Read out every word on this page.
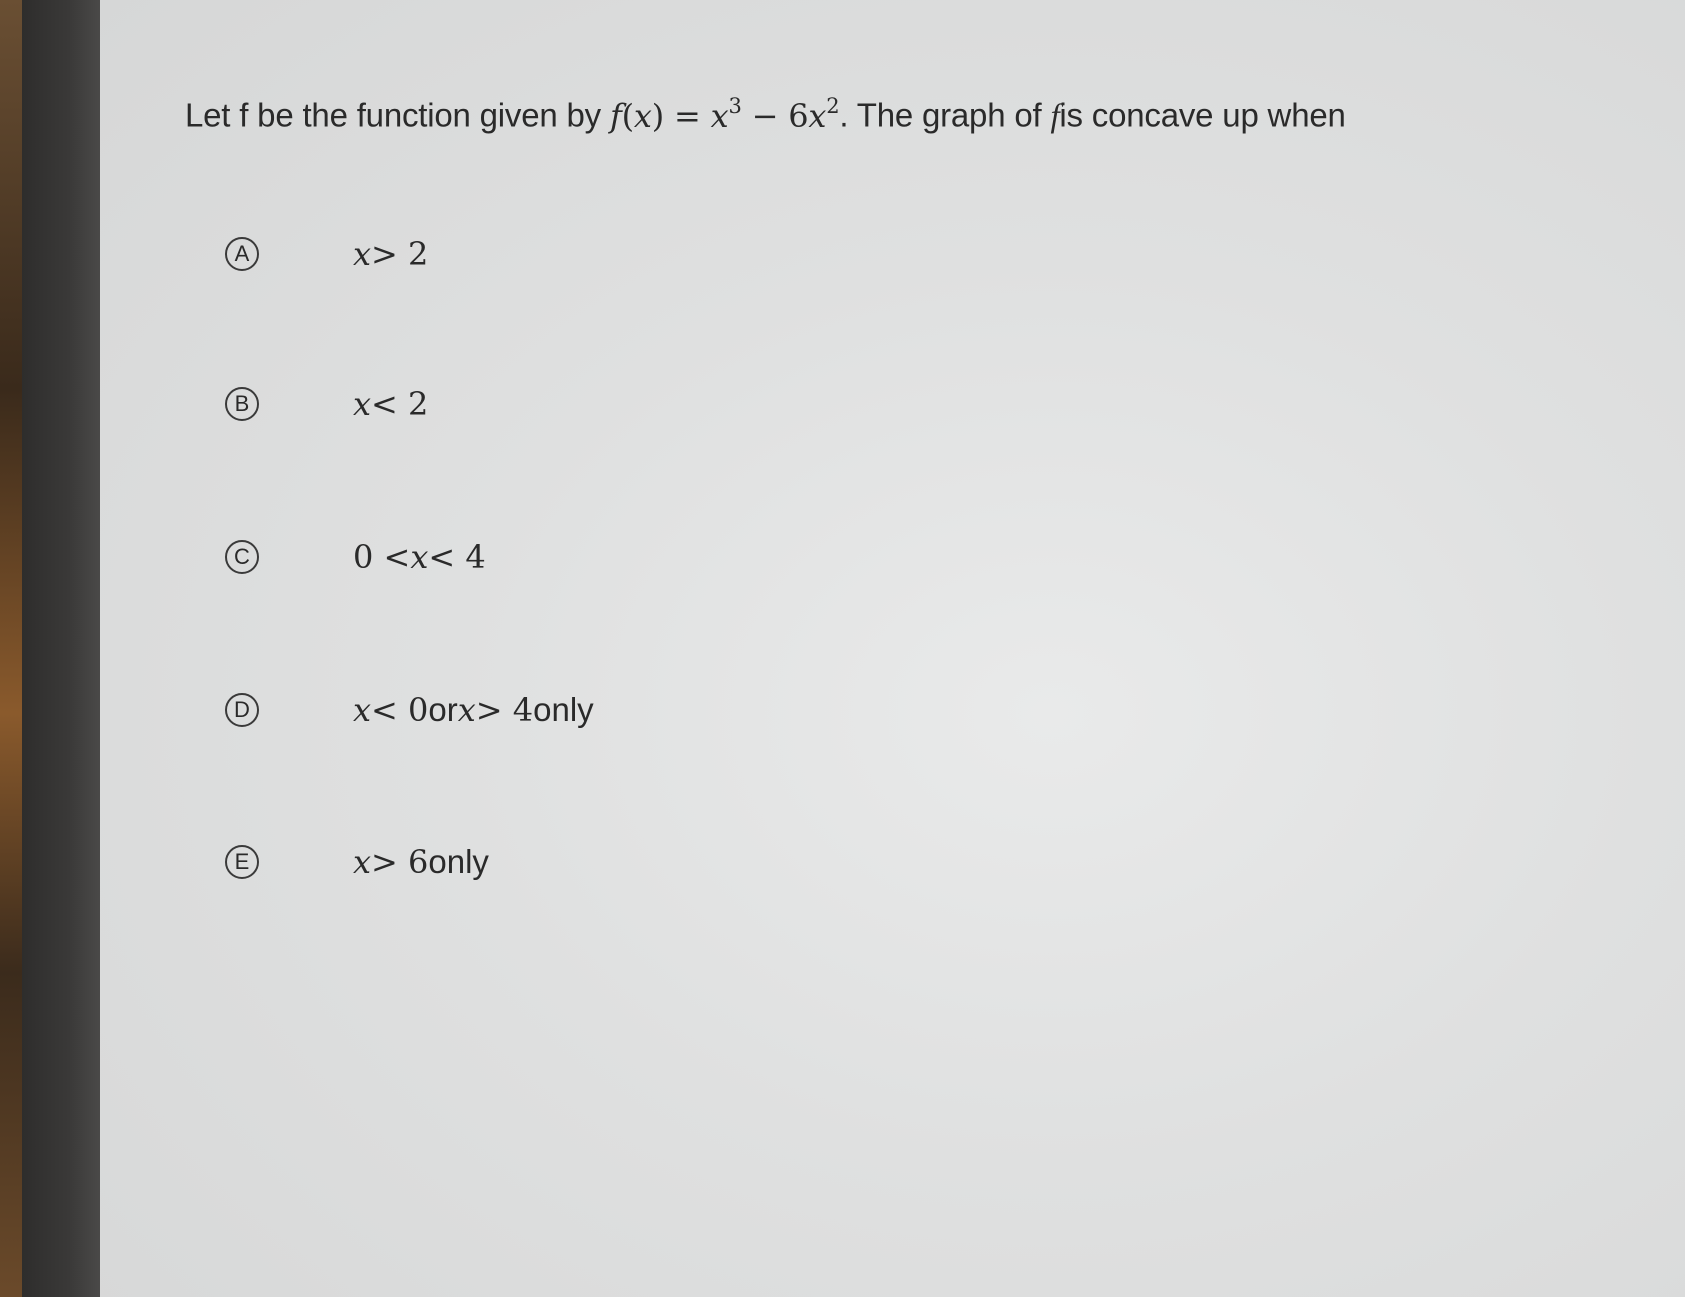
Let f be the function given by $f(x) = x^3 - 6x^2$. The graph of fis concave up when
A	x > 2
B	x < 2
C	0 < x < 4
D	x < 0 or x > 4 only
E	x > 6 only
